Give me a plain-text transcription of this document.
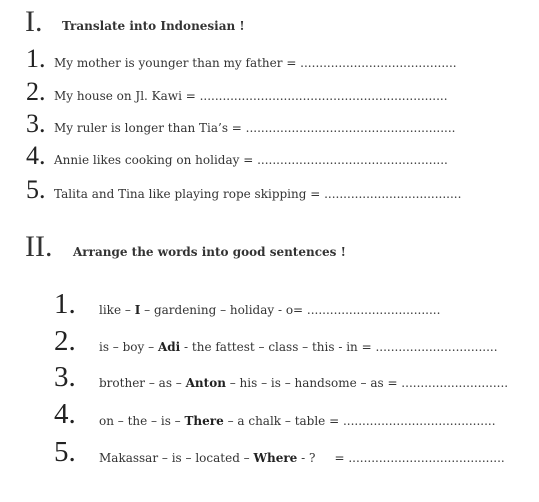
I. Translate into Indonesian !
1. My mother is younger than my father = .........................................
2. My house on Jl. Kawi = .................................................................
3. My ruler is longer than Tia’s = .......................................................
4. Annie likes cooking on holiday = ..................................................
5. Talita and Tina like playing rope skipping = ....................................
II. Arrange the words into good sentences !
1. like – I – gardening – holiday - o= ...................................
2. is – boy – Adi - the fattest – class – this - in = ................................
3. brother – as – Anton – his – is – handsome – as = ............................
4. on – the – is – There – a chalk – table = ........................................
5. Makassar – is – located – Where - ?     = .........................................
